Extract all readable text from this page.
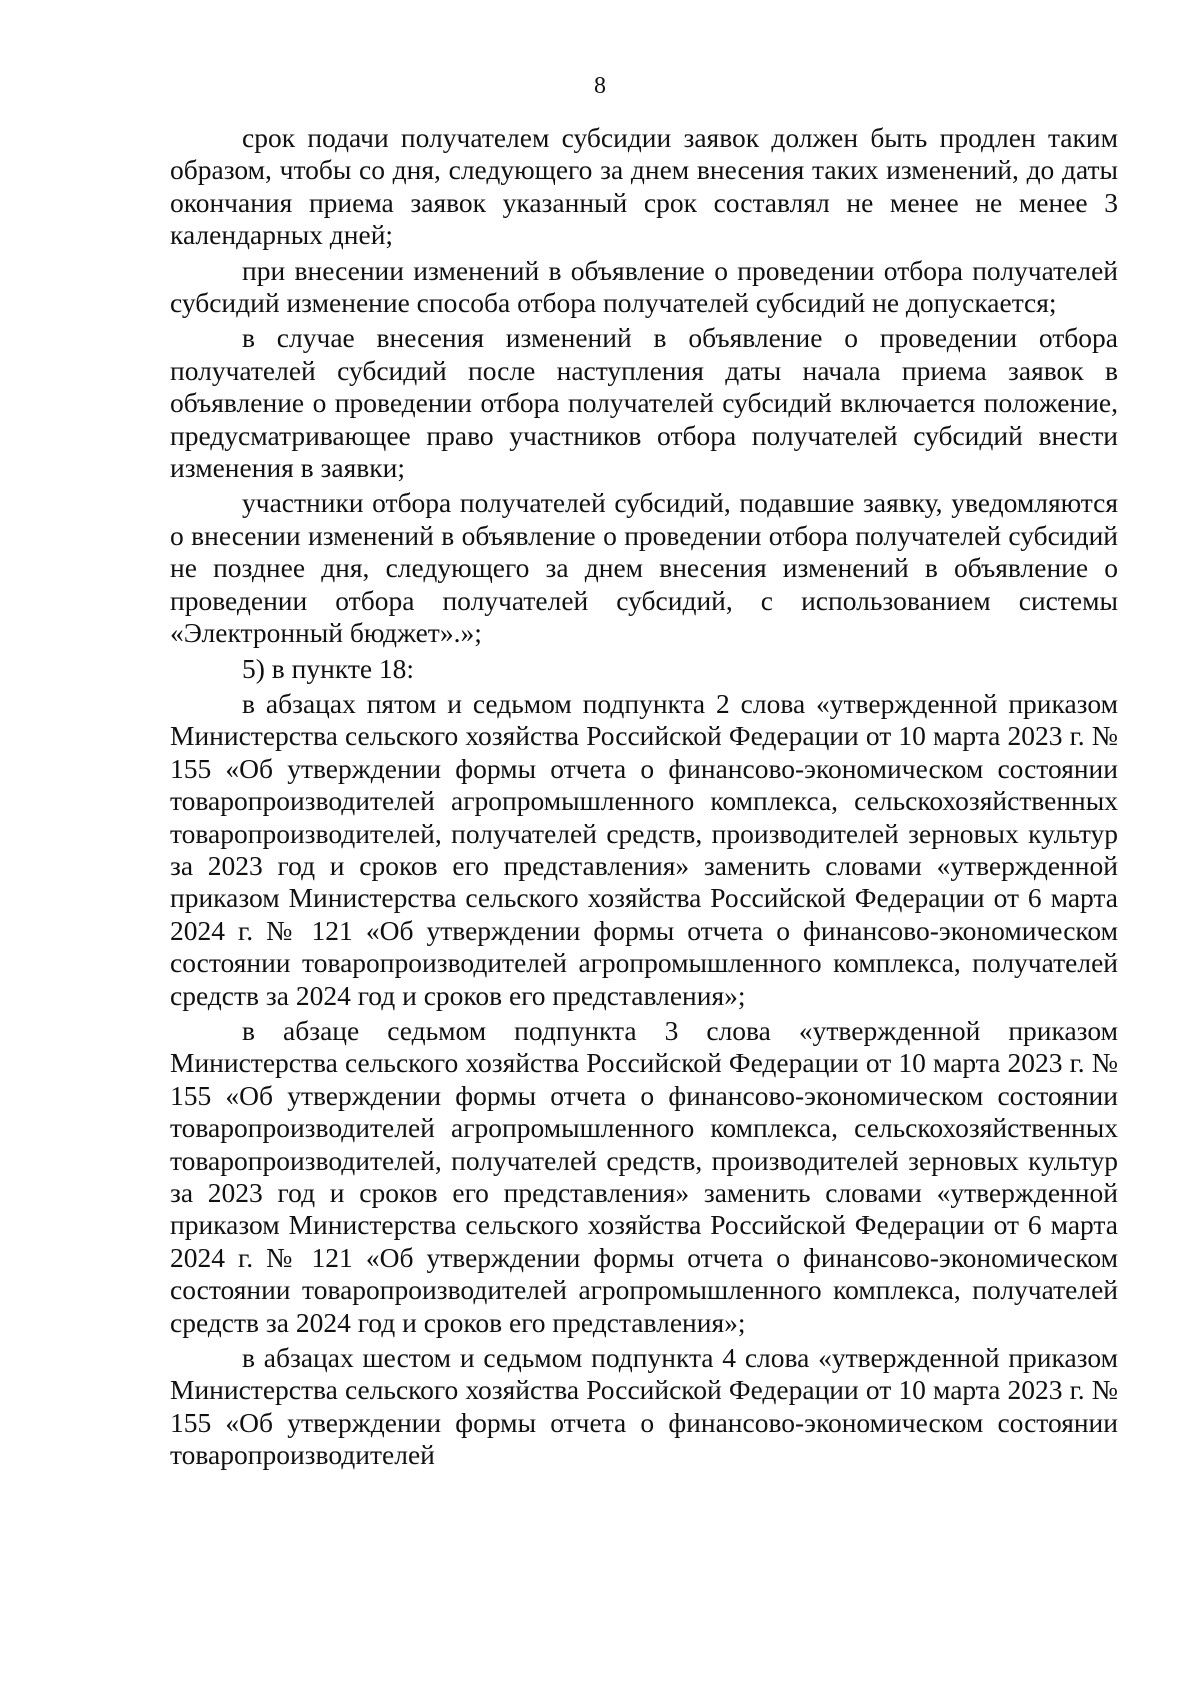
8

срок подачи получателем субсидии заявок должен быть продлен таким образом, чтобы со дня, следующего за днем внесения таких изменений, до даты окончания приема заявок указанный срок составлял не менее не менее 3 календарных дней;

при внесении изменений в объявление о проведении отбора получателей субсидий изменение способа отбора получателей субсидий не допускается;

в случае внесения изменений в объявление о проведении отбора получателей субсидий после наступления даты начала приема заявок в объявление о проведении отбора получателей субсидий включается положение, предусматривающее право участников отбора получателей субсидий внести изменения в заявки;

участники отбора получателей субсидий, подавшие заявку, уведомляются о внесении изменений в объявление о проведении отбора получателей субсидий не позднее дня, следующего за днем внесения изменений в объявление о проведении отбора получателей субсидий, с использованием системы «Электронный бюджет».»;

5) в пункте 18:

в абзацах пятом и седьмом подпункта 2 слова «утвержденной приказом Министерства сельского хозяйства Российской Федерации от 10 марта 2023 г. № 155 «Об утверждении формы отчета о финансово-экономическом состоянии товаропроизводителей агропромышленного комплекса, сельскохозяйственных товаропроизводителей, получателей средств, производителей зерновых культур за 2023 год и сроков его представления» заменить словами «утвержденной приказом Министерства сельского хозяйства Российской Федерации от 6 марта 2024 г. № 121 «Об утверждении формы отчета о финансово-экономическом состоянии товаропроизводителей агропромышленного комплекса, получателей средств за 2024 год и сроков его представления»;

в абзаце седьмом подпункта 3 слова «утвержденной приказом Министерства сельского хозяйства Российской Федерации от 10 марта 2023 г. № 155 «Об утверждении формы отчета о финансово-экономическом состоянии товаропроизводителей агропромышленного комплекса, сельскохозяйственных товаропроизводителей, получателей средств, производителей зерновых культур за 2023 год и сроков его представления» заменить словами «утвержденной приказом Министерства сельского хозяйства Российской Федерации от 6 марта 2024 г. № 121 «Об утверждении формы отчета о финансово-экономическом состоянии товаропроизводителей агропромышленного комплекса, получателей средств за 2024 год и сроков его представления»;

в абзацах шестом и седьмом подпункта 4 слова «утвержденной приказом Министерства сельского хозяйства Российской Федерации от 10 марта 2023 г. № 155 «Об утверждении формы отчета о финансово-экономическом состоянии товаропроизводителей
